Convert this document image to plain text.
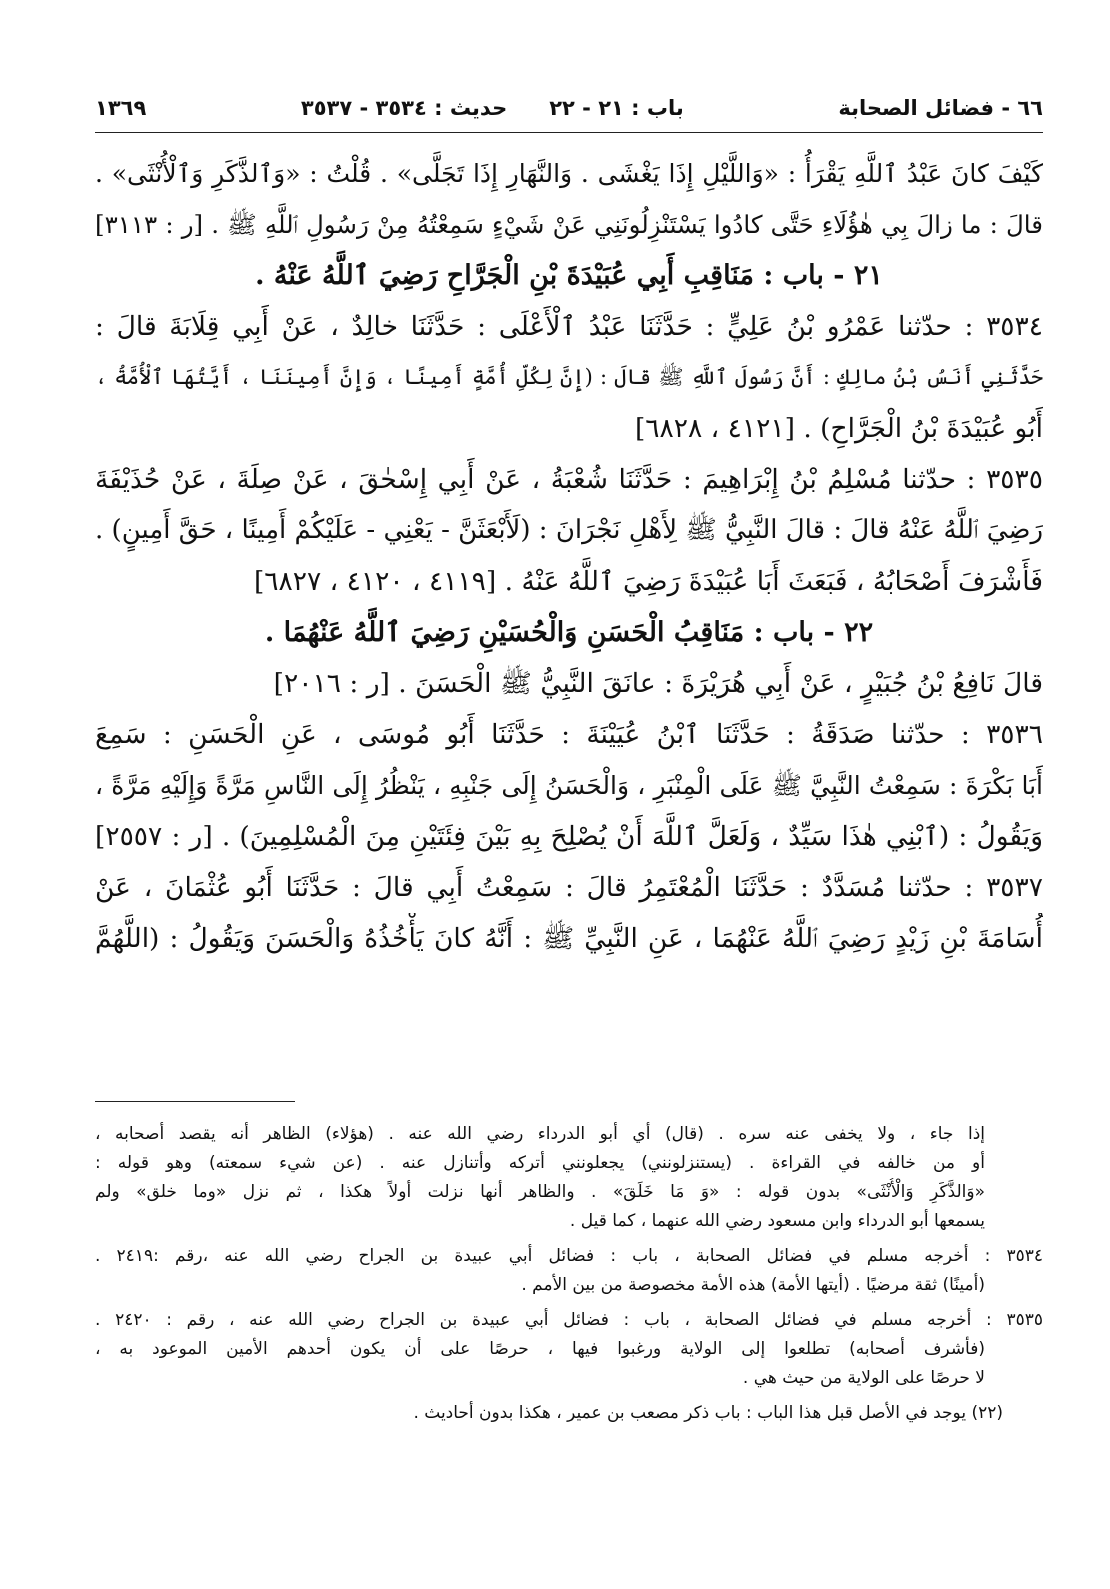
٦٦ - فضائل الصحابة
باب : ٢١ - ٢٢
حديث : ٣٥٣٤ - ٣٥٣٧
١٣٦٩
كَيْفَ كانَ عَبْدُ ٱللَّهِ يَقْرَأُ : «وَاللَّيْلِ إِذَا يَغْشَى . وَالنَّهَارِ إِذَا تَجَلَّى» . قُلْتُ : «وَٱلذَّكَرِ وَٱلْأُنْثَى» .
قالَ : ما زالَ بِي هٰؤُلَاءِ حَتَّى كادُوا يَسْتَنْزِلُونَنِي عَنْ شَيْءٍ سَمِعْتُهُ مِنْ رَسُولِ ٱللَّهِ ﷺ . [ر : ٣١١٣]
٢١ - باب : مَنَاقِبِ أَبِي عُبَيْدَةَ بْنِ الْجَرَّاحِ رَضِيَ ٱللَّهُ عَنْهُ .
٣٥٣٤ : حدّثنا عَمْرُو بْنُ عَلِيٍّ : حَدَّثَنَا عَبْدُ ٱلْأَعْلَى : حَدَّثَنَا خالِدٌ ، عَنْ أَبِي قِلَابَةَ قالَ :
حَدَّثَنِي أَنَسُ بْنُ مالِكٍ : أَنَّ رَسُولَ ٱللَّهِ ﷺ قالَ : (إِنَّ لِكُلِّ أُمَّةٍ أَمِينًا ، وَإِنَّ أَمِينَنَا ، أَيَّتُهَا ٱلْأُمَّةُ ،
أَبُو عُبَيْدَةَ بْنُ الْجَرَّاحِ) . [٤١٢١ ، ٦٨٢٨]
٣٥٣٥ : حدّثنا مُسْلِمُ بْنُ إِبْرَاهِيمَ : حَدَّثَنَا شُعْبَةُ ، عَنْ أَبِي إِسْحٰقَ ، عَنْ صِلَةَ ، عَنْ حُذَيْفَةَ
رَضِيَ ٱللَّهُ عَنْهُ قالَ : قالَ النَّبِيُّ ﷺ لِأَهْلِ نَجْرَانَ : (لَأَبْعَثَنَّ - يَعْنِي - عَلَيْكُمْ أَمِينًا ، حَقَّ أَمِينٍ) .
فَأَشْرَفَ أَصْحَابُهُ ، فَبَعَثَ أَبَا عُبَيْدَةَ رَضِيَ ٱللَّهُ عَنْهُ . [٤١١٩ ، ٤١٢٠ ، ٦٨٢٧]
٢٢ - باب : مَنَاقِبُ الْحَسَنِ وَالْحُسَيْنِ رَضِيَ ٱللَّهُ عَنْهُمَا .
قالَ نَافِعُ بْنُ جُبَيْرٍ ، عَنْ أَبِي هُرَيْرَةَ : عانَقَ النَّبِيُّ ﷺ الْحَسَنَ . [ر : ٢٠١٦]
٣٥٣٦ : حدّثنا صَدَقَةُ : حَدَّثَنَا ٱبْنُ عُيَيْنَةَ : حَدَّثَنَا أَبُو مُوسَى ، عَنِ الْحَسَنِ : سَمِعَ
أَبَا بَكْرَةَ : سَمِعْتُ النَّبِيَّ ﷺ عَلَى الْمِنْبَرِ ، وَالْحَسَنُ إِلَى جَنْبِهِ ، يَنْظُرُ إِلَى النَّاسِ مَرَّةً وَإِلَيْهِ مَرَّةً ،
وَيَقُولُ : (ٱبْنِي هٰذَا سَيِّدٌ ، وَلَعَلَّ ٱللَّهَ أَنْ يُصْلِحَ بِهِ بَيْنَ فِئَتَيْنِ مِنَ الْمُسْلِمِينَ) . [ر : ٢٥٥٧]
٣٥٣٧ : حدّثنا مُسَدَّدٌ : حَدَّثَنَا الْمُعْتَمِرُ قالَ : سَمِعْتُ أَبِي قالَ : حَدَّثَنَا أَبُو عُثْمَانَ ، عَنْ
أُسَامَةَ بْنِ زَيْدٍ رَضِيَ ٱللَّهُ عَنْهُمَا ، عَنِ النَّبِيِّ ﷺ : أَنَّهُ كانَ يَأْخُذُهُ وَالْحَسَنَ وَيَقُولُ : (اللَّهُمَّ
إذا جاء ، ولا يخفى عنه سره . (قال) أي أبو الدرداء رضي الله عنه . (هؤلاء) الظاهر أنه يقصد أصحابه ،
أو من خالفه في القراءة . (يستنزلونني) يجعلونني أتركه وأتنازل عنه . (عن شيء سمعته) وهو قوله :
«وَالذَّكَرِ وَالْأُنْثَى» بدون قوله : «وَ مَا خَلَقَ» . والظاهر أنها نزلت أولاً هكذا ، ثم نزل «وما خلق» ولم
يسمعها أبو الدرداء وابن مسعود رضي الله عنهما ، كما قيل .
٣٥٣٤ : أخرجه مسلم في فضائل الصحابة ، باب : فضائل أبي عبيدة بن الجراح رضي الله عنه ،رقم :٢٤١٩ .
(أمينًا) ثقة مرضيًا . (أيتها الأمة) هذه الأمة مخصوصة من بين الأمم .
٣٥٣٥ : أخرجه مسلم في فضائل الصحابة ، باب : فضائل أبي عبيدة بن الجراح رضي الله عنه ، رقم : ٢٤٢٠ .
(فأشرف أصحابه) تطلعوا إلى الولاية ورغبوا فيها ، حرصًا على أن يكون أحدهم الأمين الموعود به ،
لا حرصًا على الولاية من حيث هي .
(٢٢) يوجد في الأصل قبل هذا الباب : باب ذكر مصعب بن عمير ، هكذا بدون أحاديث .
